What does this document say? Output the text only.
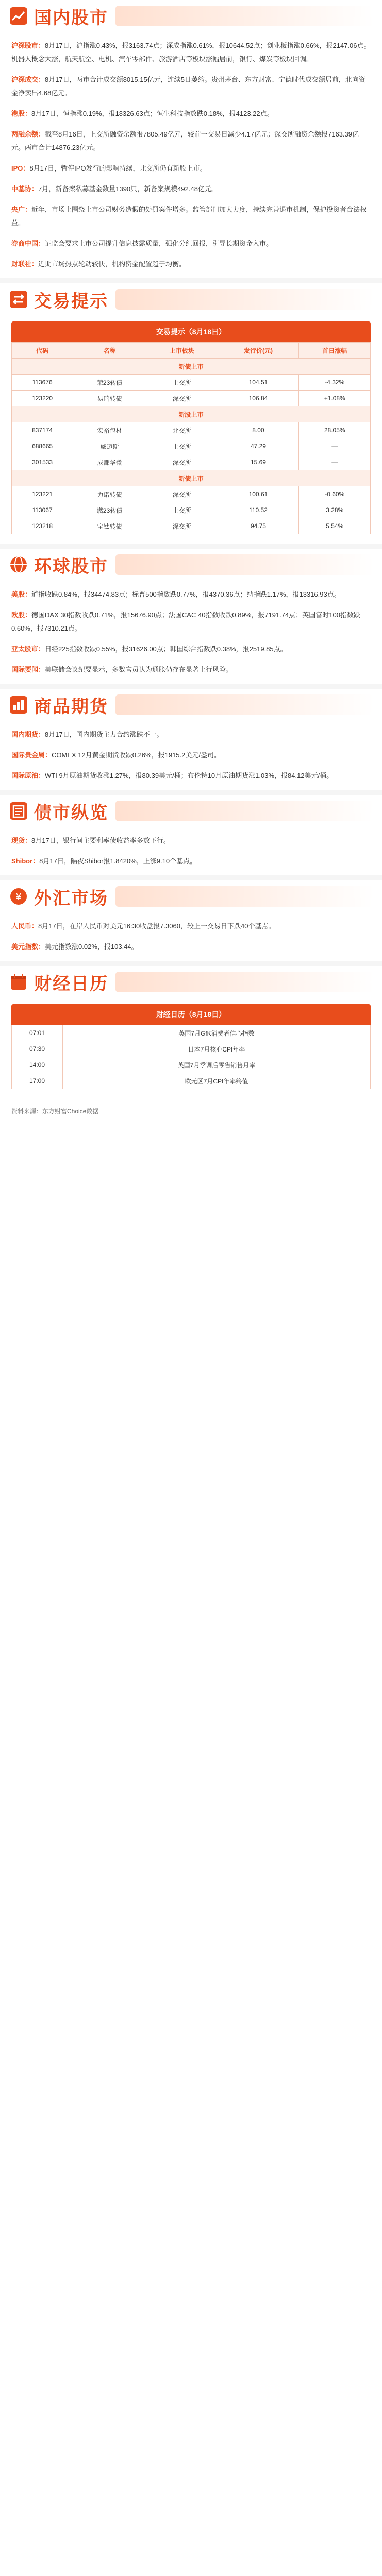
国内股市

沪深股市：8月17日，沪指涨0.43%，报3163.74点；深成指涨0.61%，报10644.52点；创业板指涨0.66%，报2147.06点。机器人概念大涨，航天航空、电机、汽车零部件、旅游酒店等板块涨幅居前，银行、煤炭等板块回调。

沪深成交：8月17日，两市合计成交额8015.15亿元，连续5日萎缩。贵州茅台、东方财富、宁德时代成交额居前，北向资金净卖出4.68亿元。

港股：8月17日，恒指涨0.19%，报18326.63点；恒生科技指数跌0.18%，报4123.22点。

两融余额：截至8月16日，上交所融资余额报7805.49亿元，较前一交易日减少4.17亿元；深交所融资余额报7163.39亿元。两市合计14876.23亿元。

IPO：8月17日，暂停IPO发行的影响持续，北交所仍有新股上市。

中基协：7月，新备案私募基金数量1390只，新备案规模492.48亿元。

央广：近年，市场上围绕上市公司财务造假的处罚案件增多。监管部门加大力度，持续完善退市机制，保护投资者合法权益。

券商中国：证监会要求上市公司提升信息披露质量，强化分红回报，引导长期资金入市。

财联社：近期市场热点轮动较快，机构资金配置趋于均衡。

交易提示
交易提示（8月18日）
代码	名称	上市板块	发行价(元)	首日涨幅
新债上市				
113676	荣23转债	上交所	104.51	-4.32%
123220	易瑞转债	深交所	106.84	+1.08%
新股上市				
837174	宏裕包材	北交所	8.00	28.05%
688665	威迈斯	上交所	47.29	—
301533	成都华微	深交所	15.69	—
新债上市				
123221	力诺转债	深交所	100.61	-0.60%
113067	燃23转债	上交所	110.52	3.28%
123218	宝钛转债	深交所	94.75	5.54%
环球股市

美股：道指收跌0.84%，报34474.83点；标普500指数跌0.77%，报4370.36点；纳指跌1.17%，报13316.93点。

欧股：德国DAX 30指数收跌0.71%，报15676.90点；法国CAC 40指数收跌0.89%，报7191.74点；英国富时100指数跌0.60%，报7310.21点。

亚太股市：日经225指数收跌0.55%，报31626.00点；韩国综合指数跌0.38%，报2519.85点。

国际要闻：美联储会议纪要显示，多数官员认为通胀仍存在显著上行风险。

商品期货

国内期货：8月17日，国内期货主力合约涨跌不一。

国际贵金属：COMEX 12月黄金期货收跌0.26%，报1915.2美元/盎司。

国际原油：WTI 9月原油期货收涨1.27%，报80.39美元/桶；布伦特10月原油期货涨1.03%，报84.12美元/桶。

债市纵览

现货：8月17日，银行间主要利率债收益率多数下行。

Shibor：8月17日，隔夜Shibor报1.8420%，上涨9.10个基点。

¥ 外汇市场

人民币：8月17日，在岸人民币对美元16:30收盘报7.3060，较上一交易日下跌40个基点。

美元指数：美元指数涨0.02%，报103.44。

财经日历
财经日历（8月18日）
07:01	英国7月GfK消费者信心指数
07:30	日本7月核心CPI年率
14:00	英国7月季调后零售销售月率
17:00	欧元区7月CPI年率终值
资料来源：东方财富Choice数据
